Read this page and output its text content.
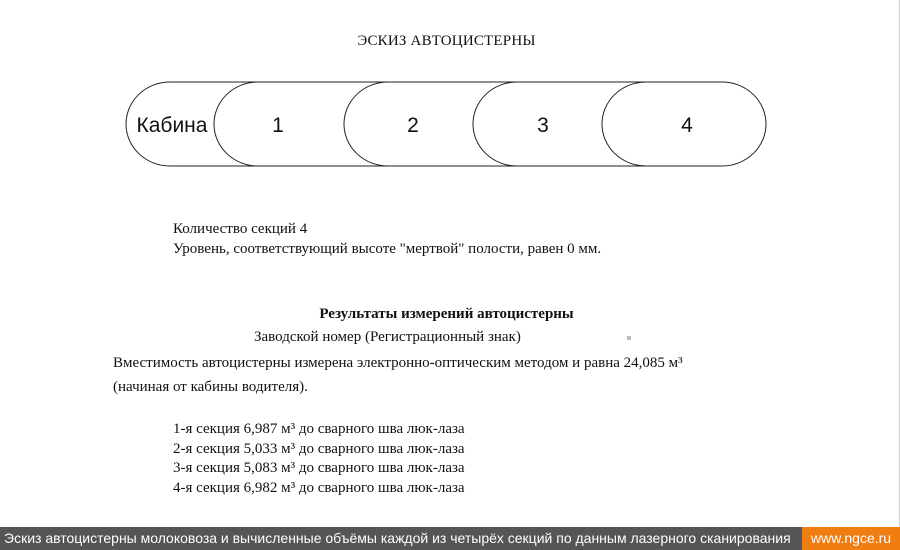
ЭСКИЗ АВТОЦИСТЕРНЫ
Кабина	1	2	3	4
Количество секций 4
Уровень, соответствующий высоте "мертвой" полости, равен 0 мм.
Результаты измерений автоцистерны
Заводской номер (Регистрационный знак)
Вместимость автоцистерны измерена электронно-оптическим методом и равна 24,085 м³
(начиная от кабины водителя).
1-я секция 6,987 м³ до сварного шва люк-лаза
2-я секция 5,033 м³ до сварного шва люк-лаза
3-я секция 5,083 м³ до сварного шва люк-лаза
4-я секция 6,982 м³ до сварного шва люк-лаза
Эскиз автоцистерны молоковоза и вычисленные объёмы каждой из четырёх секций по данным лазерного сканирования	www.ngce.ru
